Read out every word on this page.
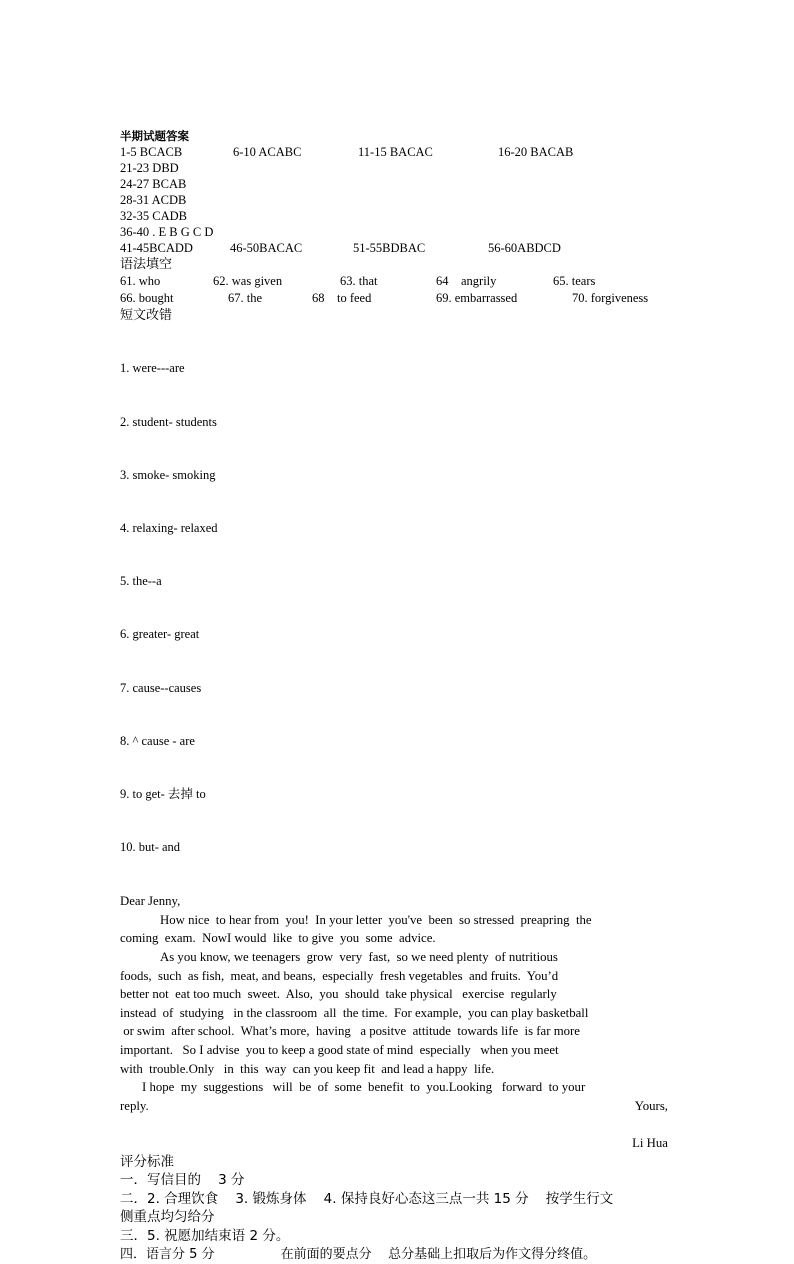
半期试题答案
1-5 BCACB	6-10 ACABC	11-15 BACAC	16-20 BACAB
21-23 DBD
24-27 BCAB
28-31 ACDB
32-35 CADB
36-40 . E B G C D
41-45BCADD	46-50BACAC	51-55BDBAC	56-60ABDCD
语法填空
61. who	62. was given	63. that	64    angrily	65. tears
66. bought	67. the	68    to feed	69. embarrassed	70. forgiveness
短文改错

1. were---are

2. student- students

3. smoke- smoking

4. relaxing- relaxed

5. the--a

6. greater- great

7. cause--causes

8. ^ cause - are

9. to get- 去掉 to

10. but- and

Dear Jenny,
How nice  to hear from  you!  In your letter  you've  been  so stressed  preapring  the
coming  exam.  NowI would  like  to give  you  some  advice.
As you know, we teenagers  grow  very  fast,  so we need plenty  of nutritious
foods,  such  as fish,  meat, and beans,  especially  fresh vegetables  and fruits.  You’d
better not  eat too much  sweet.  Also,  you  should  take physical   exercise  regularly
instead  of  studying   in the classroom  all  the time.  For example,  you can play basketball
or swim  after school.  What’s more,  having   a positve  attitude  towards life  is far more
important.   So I advise  you to keep a good state of mind  especially   when you meet
with  trouble.Only   in  this  way  can you keep fit  and lead a happy  life.
I hope  my  suggestions   will  be  of  some  benefit  to  you.Looking   forward  to your
reply.	Yours,
Li Hua
评分标准
一．写信目的    3 分
二．2. 合理饮食    3. 锻炼身体    4. 保持良好心态这三点一共 15 分    按学生行文
侧重点均匀给分
三．5. 祝愿加结束语 2 分。
四．语言分 5 分                在前面的要点分    总分基础上扣取后为作文得分终值。
